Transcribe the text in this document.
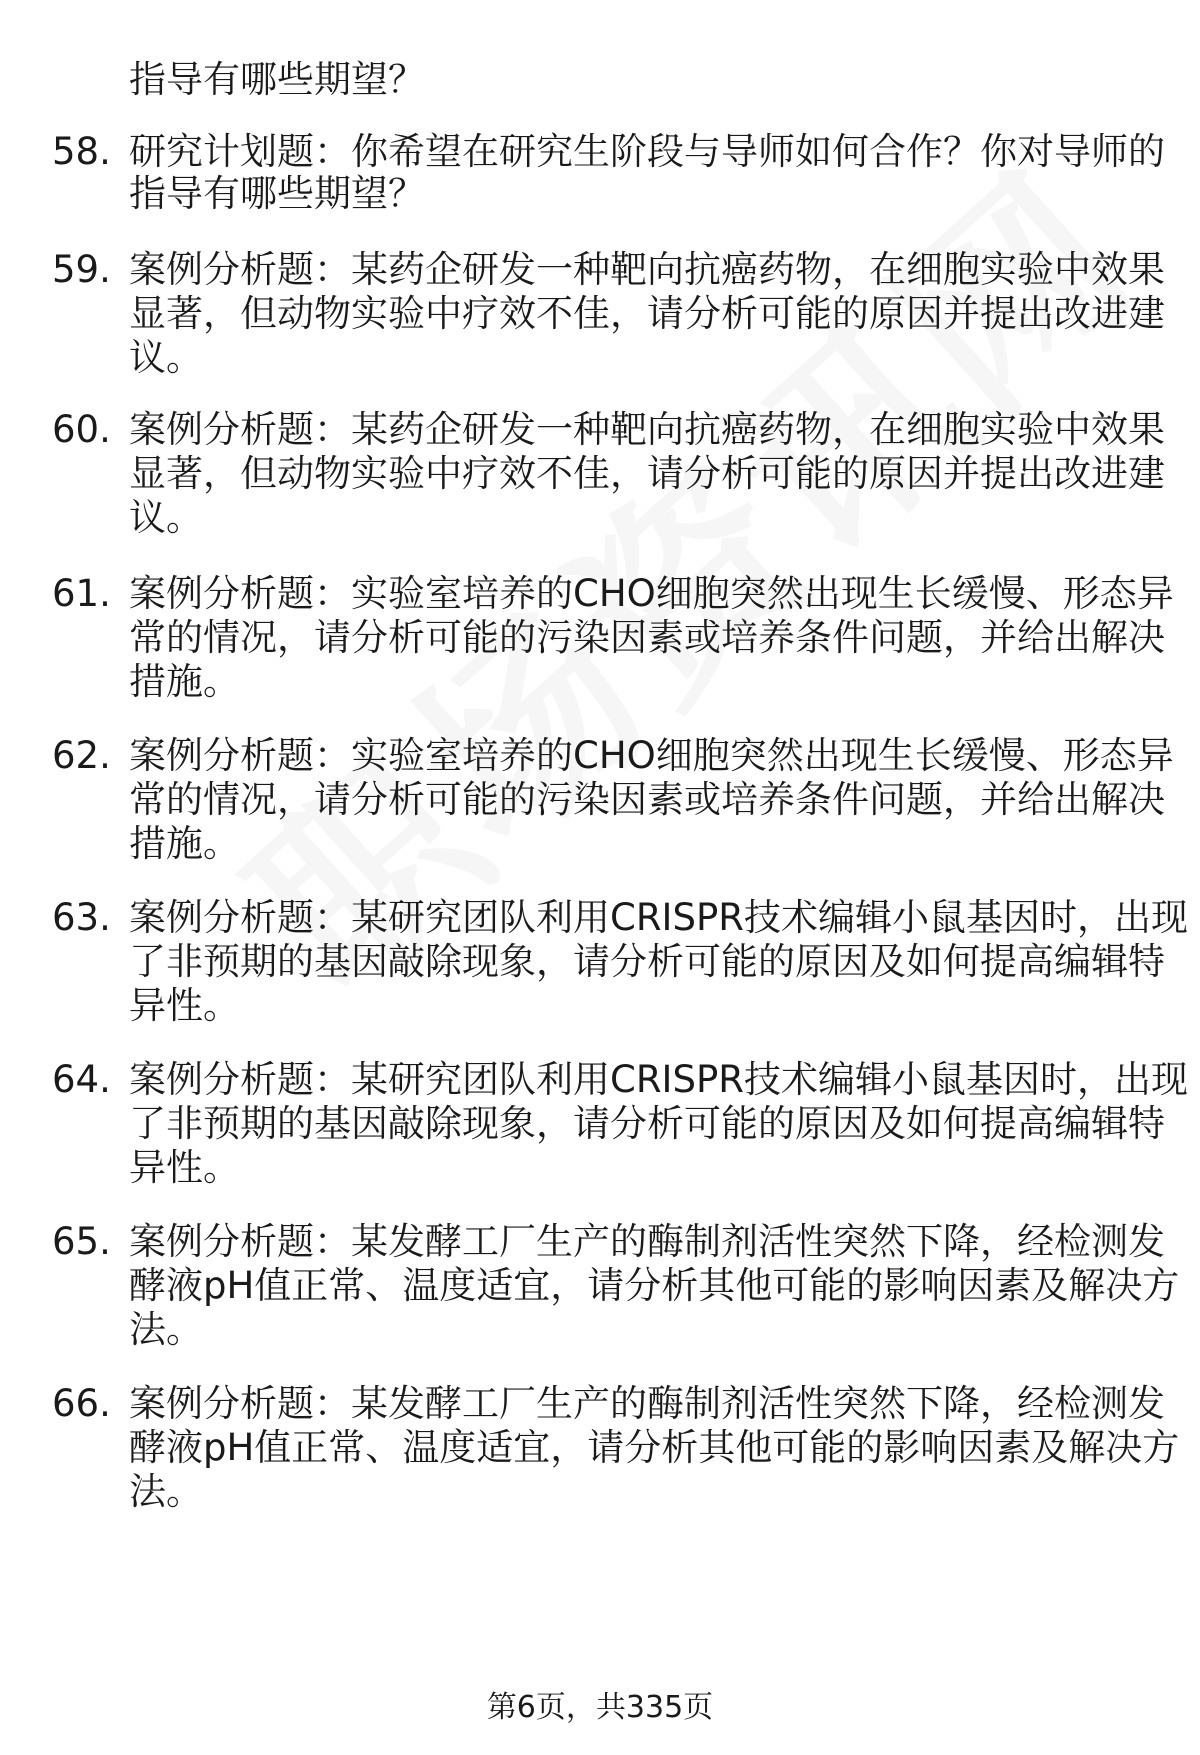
指导有哪些期望？
58. 研究计划题：你希望在研究生阶段与导师如何合作？你对导师的
指导有哪些期望？
59. 案例分析题：某药企研发一种靶向抗癌药物，在细胞实验中效果
显著，但动物实验中疗效不佳，请分析可能的原因并提出改进建
议。
60. 案例分析题：某药企研发一种靶向抗癌药物，在细胞实验中效果
显著，但动物实验中疗效不佳，请分析可能的原因并提出改进建
议。
61. 案例分析题：实验室培养的CHO细胞突然出现生长缓慢、形态异
常的情况，请分析可能的污染因素或培养条件问题，并给出解决
措施。
62. 案例分析题：实验室培养的CHO细胞突然出现生长缓慢、形态异
常的情况，请分析可能的污染因素或培养条件问题，并给出解决
措施。
63. 案例分析题：某研究团队利用CRISPR技术编辑小鼠基因时，出现
了非预期的基因敲除现象，请分析可能的原因及如何提高编辑特
异性。
64. 案例分析题：某研究团队利用CRISPR技术编辑小鼠基因时，出现
了非预期的基因敲除现象，请分析可能的原因及如何提高编辑特
异性。
65. 案例分析题：某发酵工厂生产的酶制剂活性突然下降，经检测发
酵液pH值正常、温度适宜，请分析其他可能的影响因素及解决方
法。
66. 案例分析题：某发酵工厂生产的酶制剂活性突然下降，经检测发
酵液pH值正常、温度适宜，请分析其他可能的影响因素及解决方
法。
第6页，共335页
